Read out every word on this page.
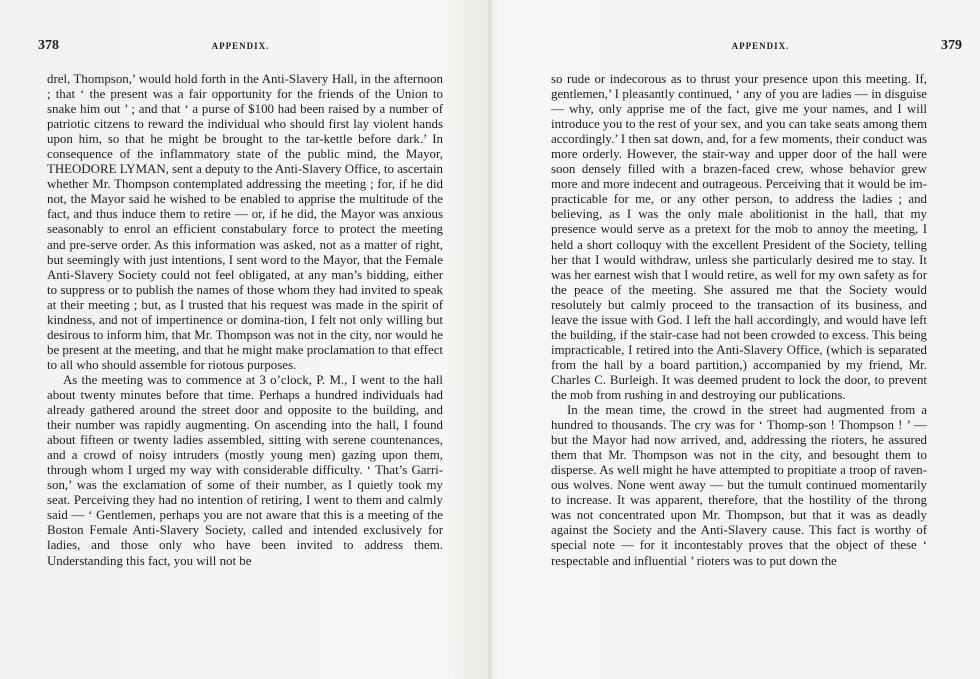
378	APPENDIX.

drel, Thompson,’ would hold forth in the Anti-Slavery Hall, in the afternoon ; that ‘ the present was a fair opportunity for the friends of the Union to snake him out ’ ; and that ‘ a purse of $100 had been raised by a number of patriotic citzens to reward the individual who should first lay violent hands upon him, so that he might be brought to the tar-kettle before dark.’ In consequence of the inflammatory state of the public mind, the Mayor, THEODORE LYMAN, sent a deputy to the Anti-Slavery Office, to ascertain whether Mr. Thompson contemplated addressing the meeting ; for, if he did not, the Mayor said he wished to be enabled to apprise the multitude of the fact, and thus induce them to retire — or, if he did, the Mayor was anxious seasonably to enrol an efficient constabulary force to protect the meeting and pre-serve order. As this information was asked, not as a matter of right, but seemingly with just intentions, I sent word to the Mayor, that the Female Anti-Slavery Society could not feel obligated, at any man’s bidding, either to suppress or to publish the names of those whom they had invited to speak at their meeting ; but, as I trusted that his request was made in the spirit of kindness, and not of impertinence or domina-tion, I felt not only willing but desirous to inform him, that Mr. Thompson was not in the city, nor would he be present at the meeting, and that he might make proclamation to that effect to all who should assemble for riotous purposes.

As the meeting was to commence at 3 o’clock, P. M., I went to the hall about twenty minutes before that time. Perhaps a hundred individuals had already gathered around the street door and opposite to the building, and their number was rapidly augmenting. On ascending into the hall, I found about fifteen or twenty ladies assembled, sitting with serene countenances, and a crowd of noisy intruders (mostly young men) gazing upon them, through whom I urged my way with considerable difficulty. ‘ That’s Garri-son,’ was the exclamation of some of their number, as I quietly took my seat. Perceiving they had no intention of retiring, I went to them and calmly said — ‘ Gentlemen, perhaps you are not aware that this is a meeting of the Boston Female Anti-Slavery Society, called and intended exclusively for ladies, and those only who have been invited to address them. Understanding this fact, you will not be

APPENDIX.	379

so rude or indecorous as to thrust your presence upon this meeting. If, gentlemen,’ I pleasantly continued, ‘ any of you are ladies — in disguise — why, only apprise me of the fact, give me your names, and I will introduce you to the rest of your sex, and you can take seats among them accordingly.’ I then sat down, and, for a few moments, their conduct was more orderly. However, the stair-way and upper door of the hall were soon densely filled with a brazen-faced crew, whose behavior grew more and more indecent and outrageous. Perceiving that it would be im-practicable for me, or any other person, to address the ladies ; and believing, as I was the only male abolitionist in the hall, that my presence would serve as a pretext for the mob to annoy the meeting, I held a short colloquy with the excellent President of the Society, telling her that I would withdraw, unless she particularly desired me to stay. It was her earnest wish that I would retire, as well for my own safety as for the peace of the meeting. She assured me that the Society would resolutely but calmly proceed to the transaction of its business, and leave the issue with God. I left the hall accordingly, and would have left the building, if the stair-case had not been crowded to excess. This being impracticable, I retired into the Anti-Slavery Office, (which is separated from the hall by a board partition,) accompanied by my friend, Mr. Charles C. Burleigh. It was deemed prudent to lock the door, to prevent the mob from rushing in and destroying our publications.

In the mean time, the crowd in the street had augmented from a hundred to thousands. The cry was for ‘ Thomp-son ! Thompson ! ’ — but the Mayor had now arrived, and, addressing the rioters, he assured them that Mr. Thompson was not in the city, and besought them to disperse. As well might he have attempted to propitiate a troop of raven-ous wolves. None went away — but the tumult continued momentarily to increase. It was apparent, therefore, that the hostility of the throng was not concentrated upon Mr. Thompson, but that it was as deadly against the Society and the Anti-Slavery cause. This fact is worthy of special note — for it incontestably proves that the object of these ‘ respectable and influential ’ rioters was to put down the
